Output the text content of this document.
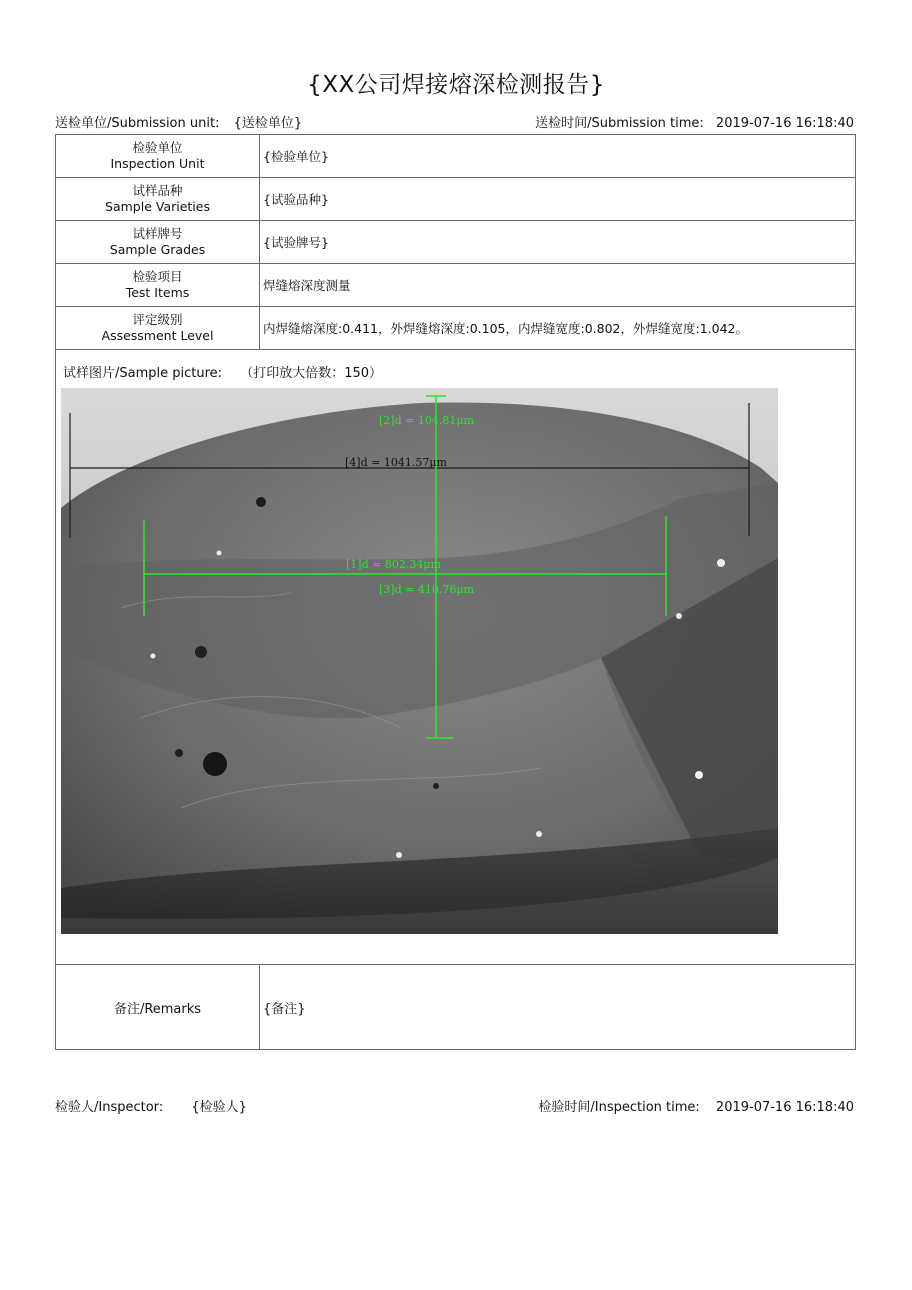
{XX公司焊接熔深检测报告}
送检单位/Submission unit: {送检单位}	送检时间/Submission time: 2019-07-16 16:18:40
检验单位
Inspection Unit	{检验单位}

试样品种
Sample Varieties	{试验品种}

试样牌号
Sample Grades	{试验牌号}

检验项目
Test Items	焊缝熔深度测量

评定级别
Assessment Level	内焊缝熔深度:0.411，外焊缝熔深度:0.105，内焊缝宽度:0.802，外焊缝宽度:1.042。
试样图片/Sample picture: （打印放大倍数：150）
[2]d = 104.81μm
[4]d = 1041.57μm
[1]d = 802.34μm
[3]d = 410.76μm
备注/Remarks	{备注}
检验人/Inspector: {检验人}	检验时间/Inspection time: 2019-07-16 16:18:40
